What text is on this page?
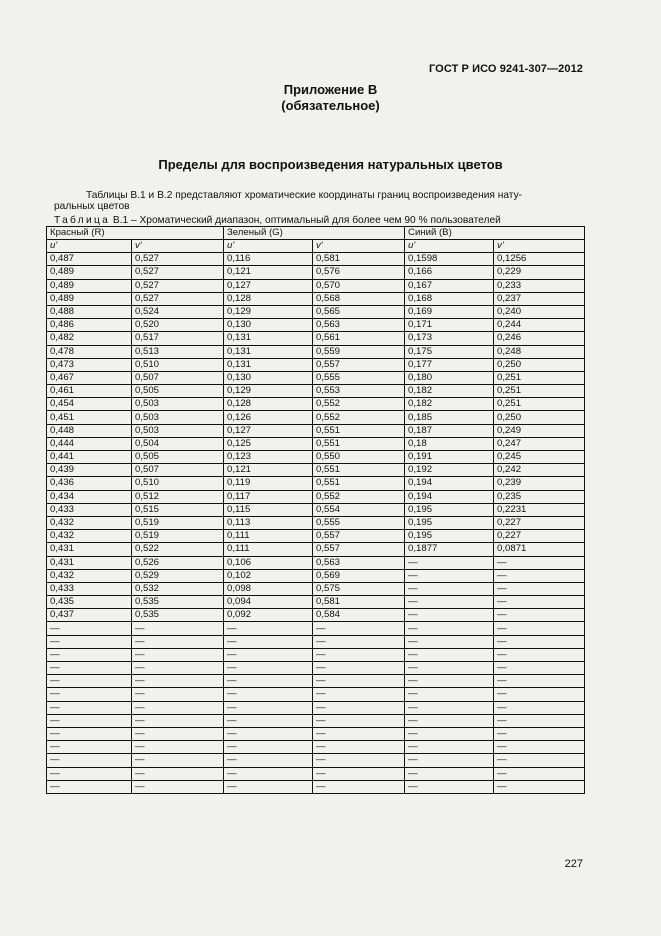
ГОСТ Р ИСО 9241-307—2012
Приложение В
(обязательное)
Пределы для воспроизведения натуральных цветов
Таблицы В.1 и В.2 представляют хроматические координаты границ воспроизведения нату-
ральных цветов
Таблица В.1 – Хроматический диапазон, оптимальный для более чем 90 % пользователей
Красный (R)		Зеленый (G)		Синий (B)	
u'	v'	u'	v'	u'	v'
0,487	0,527	0,116	0,581	0,1598	0,1256
0,489	0,527	0,121	0,576	0,166	0,229
0,489	0,527	0,127	0,570	0,167	0,233
0,489	0,527	0,128	0,568	0,168	0,237
0,488	0,524	0,129	0,565	0,169	0,240
0,486	0,520	0,130	0,563	0,171	0,244
0,482	0,517	0,131	0,561	0,173	0,246
0,478	0,513	0,131	0,559	0,175	0,248
0,473	0,510	0,131	0,557	0,177	0,250
0,467	0,507	0,130	0,555	0,180	0,251
0,461	0,505	0,129	0,553	0,182	0,251
0,454	0,503	0,128	0,552	0,182	0,251
0,451	0,503	0,126	0,552	0,185	0,250
0,448	0,503	0,127	0,551	0,187	0,249
0,444	0,504	0,125	0,551	0,18	0,247
0,441	0,505	0,123	0,550	0,191	0,245
0,439	0,507	0,121	0,551	0,192	0,242
0,436	0,510	0,119	0,551	0,194	0,239
0,434	0,512	0,117	0,552	0,194	0,235
0,433	0,515	0,115	0,554	0,195	0,2231
0,432	0,519	0,113	0,555	0,195	0,227
0,432	0,519	0,111	0,557	0,195	0,227
0,431	0,522	0,111	0,557	0,1877	0,0871
0,431	0,526	0,106	0,563	—	—
0,432	0,529	0,102	0,569	—	—
0,433	0,532	0,098	0,575	—	—
0,435	0,535	0,094	0,581	—	—
0,437	0,535	0,092	0,584	—	—
—	—	—	—	—	—
—	—	—	—	—	—
—	—	—	—	—	—
—	—	—	—	—	—
—	—	—	—	—	—
—	—	—	—	—	—
—	—	—	—	—	—
—	—	—	—	—	—
—	—	—	—	—	—
—	—	—	—	—	—
—	—	—	—	—	—
—	—	—	—	—	—
—	—	—	—	—	—
227
